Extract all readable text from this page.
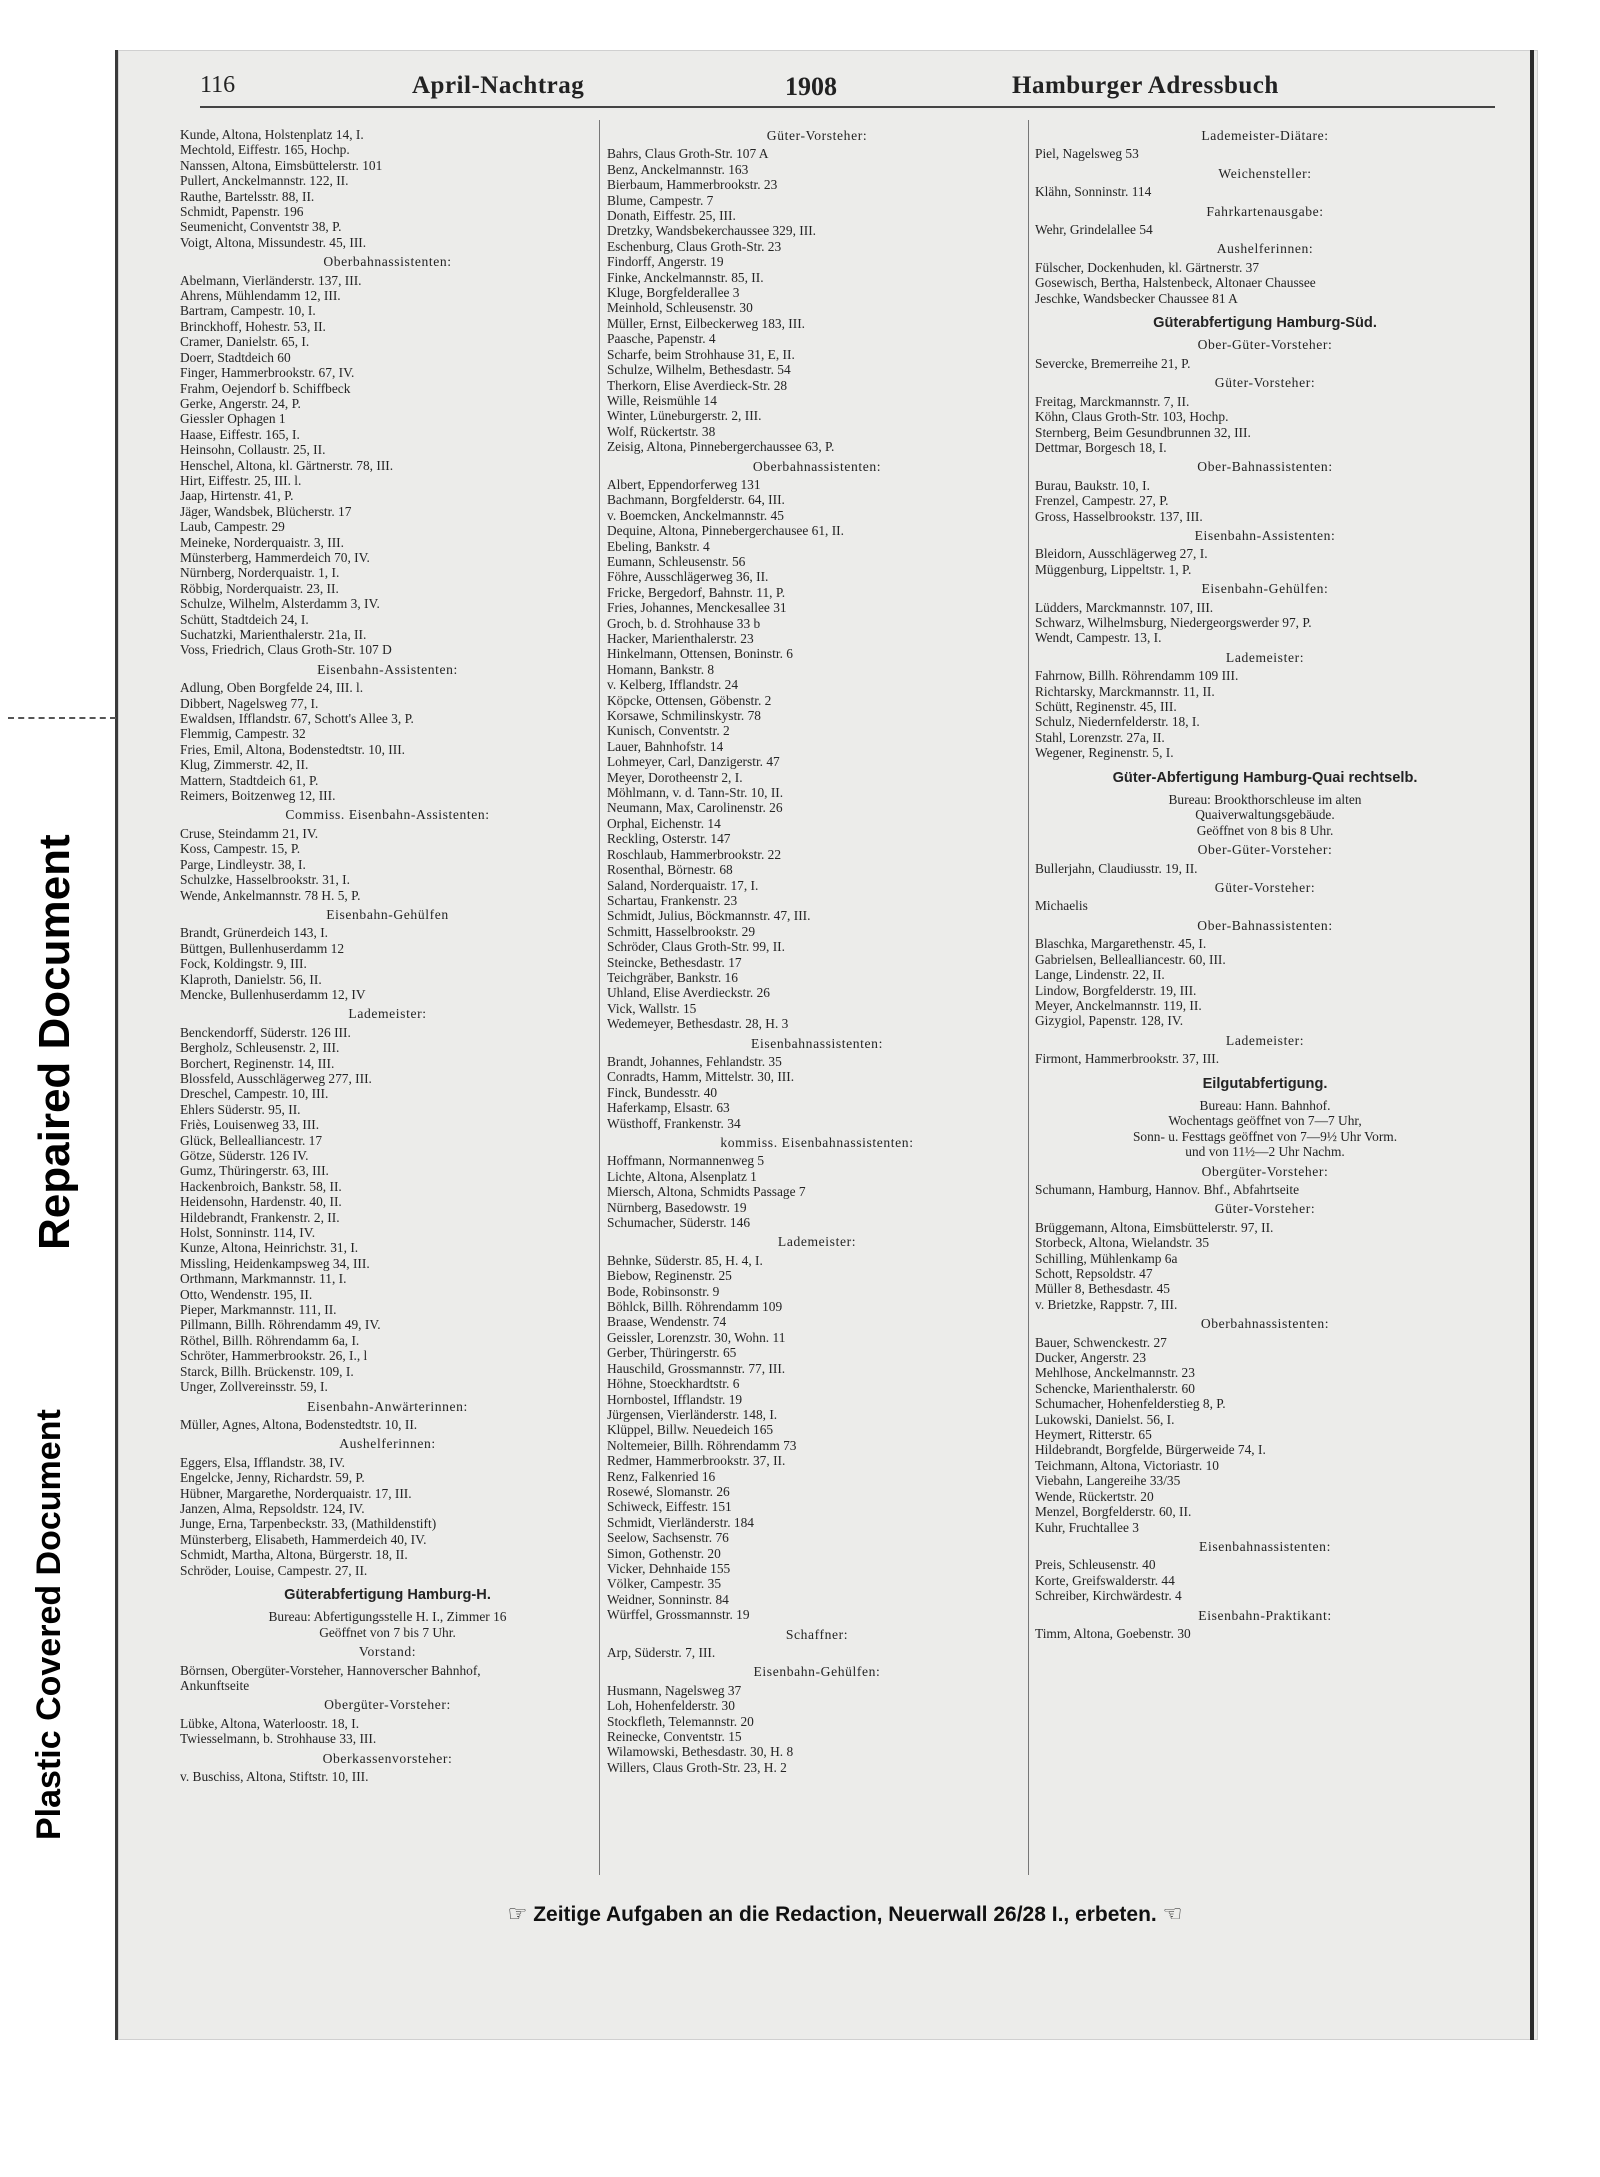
Repaired Document
Plastic Covered Document
116	April-Nachtrag	1908	Hamburger Adressbuch
Kunde, Altona, Holstenplatz 14, I.
Mechtold, Eiffestr. 165, Hochp.
Nanssen, Altona, Eimsbüttelerstr. 101
Pullert, Anckelmannstr. 122, II.
Rauthe, Bartelsstr. 88, II.
Schmidt, Papenstr. 196
Seumenicht, Conventstr 38, P.
Voigt, Altona, Missundestr. 45, III.
Oberbahnassistenten:
Abelmann, Vierländerstr. 137, III.
Ahrens, Mühlendamm 12, III.
Bartram, Campestr. 10, I.
Brinckhoff, Hohestr. 53, II.
Cramer, Danielstr. 65, I.
Doerr, Stadtdeich 60
Finger, Hammerbrookstr. 67, IV.
Frahm, Oejendorf b. Schiffbeck
Gerke, Angerstr. 24, P.
Giessler Ophagen 1
Haase, Eiffestr. 165, I.
Heinsohn, Collaustr. 25, II.
Henschel, Altona, kl. Gärtnerstr. 78, III.
Hirt, Eiffestr. 25, III. l.
Jaap, Hirtenstr. 41, P.
Jäger, Wandsbek, Blücherstr. 17
Laub, Campestr. 29
Meineke, Norderquaistr. 3, III.
Münsterberg, Hammerdeich 70, IV.
Nürnberg, Norderquaistr. 1, I.
Röbbig, Norderquaistr. 23, II.
Schulze, Wilhelm, Alsterdamm 3, IV.
Schütt, Stadtdeich 24, I.
Suchatzki, Marienthalerstr. 21a, II.
Voss, Friedrich, Claus Groth-Str. 107 D
Eisenbahn-Assistenten:
Adlung, Oben Borgfelde 24, III. l.
Dibbert, Nagelsweg 77, I.
Ewaldsen, Ifflandstr. 67, Schott's Allee 3, P.
Flemmig, Campestr. 32
Fries, Emil, Altona, Bodenstedtstr. 10, III.
Klug, Zimmerstr. 42, II.
Mattern, Stadtdeich 61, P.
Reimers, Boitzenweg 12, III.
Commiss. Eisenbahn-Assistenten:
Cruse, Steindamm 21, IV.
Koss, Campestr. 15, P.
Parge, Lindleystr. 38, I.
Schulzke, Hasselbrookstr. 31, I.
Wende, Ankelmannstr. 78 H. 5, P.
Eisenbahn-Gehülfen
Brandt, Grünerdeich 143, I.
Büttgen, Bullenhuserdamm 12
Fock, Koldingstr. 9, III.
Klaproth, Danielstr. 56, II.
Mencke, Bullenhuserdamm 12, IV
Lademeister:
Benckendorff, Süderstr. 126 III.
Bergholz, Schleusenstr. 2, III.
Borchert, Reginenstr. 14, III.
Blossfeld, Ausschlägerweg 277, III.
Dreschel, Campestr. 10, III.
Ehlers Süderstr. 95, II.
Friès, Louisenweg 33, III.
Glück, Bellealliancestr. 17
Götze, Süderstr. 126 IV.
Gumz, Thüringerstr. 63, III.
Hackenbroich, Bankstr. 58, II.
Heidensohn, Hardenstr. 40, II.
Hildebrandt, Frankenstr. 2, II.
Holst, Sonninstr. 114, IV.
Kunze, Altona, Heinrichstr. 31, I.
Missling, Heidenkampsweg 34, III.
Orthmann, Markmannstr. 11, I.
Otto, Wendenstr. 195, II.
Pieper, Markmannstr. 111, II.
Pillmann, Billh. Röhrendamm 49, IV.
Röthel, Billh. Röhrendamm 6a, I.
Schröter, Hammerbrookstr. 26, I., l
Starck, Billh. Brückenstr. 109, I.
Unger, Zollvereinsstr. 59, I.
Eisenbahn-Anwärterinnen:
Müller, Agnes, Altona, Bodenstedtstr. 10, II.
Aushelferinnen:
Eggers, Elsa, Ifflandstr. 38, IV.
Engelcke, Jenny, Richardstr. 59, P.
Hübner, Margarethe, Norderquaistr. 17, III.
Janzen, Alma, Repsoldstr. 124, IV.
Junge, Erna, Tarpenbeckstr. 33, (Mathildenstift)
Münsterberg, Elisabeth, Hammerdeich 40, IV.
Schmidt, Martha, Altona, Bürgerstr. 18, II.
Schröder, Louise, Campestr. 27, II.
Güterabfertigung Hamburg-H.
Bureau: Abfertigungsstelle H. I., Zimmer 16
Geöffnet von 7 bis 7 Uhr.
Vorstand:
Börnsen, Obergüter-Vorsteher, Hannoverscher Bahnhof,
Ankunftseite
Obergüter-Vorsteher:
Lübke, Altona, Waterloostr. 18, I.
Twiesselmann, b. Strohhause 33, III.
Oberkassenvorsteher:
v. Buschiss, Altona, Stiftstr. 10, III.
Güter-Vorsteher:
Bahrs, Claus Groth-Str. 107 A
Benz, Anckelmannstr. 163
Bierbaum, Hammerbrookstr. 23
Blume, Campestr. 7
Donath, Eiffestr. 25, III.
Dretzky, Wandsbekerchaussee 329, III.
Eschenburg, Claus Groth-Str. 23
Findorff, Angerstr. 19
Finke, Anckelmannstr. 85, II.
Kluge, Borgfelderallee 3
Meinhold, Schleusenstr. 30
Müller, Ernst, Eilbeckerweg 183, III.
Paasche, Papenstr. 4
Scharfe, beim Strohhause 31, E, II.
Schulze, Wilhelm, Bethesdastr. 54
Therkorn, Elise Averdieck-Str. 28
Wille, Reismühle 14
Winter, Lüneburgerstr. 2, III.
Wolf, Rückertstr. 38
Zeisig, Altona, Pinnebergerchaussee 63, P.
Oberbahnassistenten:
Albert, Eppendorferweg 131
Bachmann, Borgfelderstr. 64, III.
v. Boemcken, Anckelmannstr. 45
Dequine, Altona, Pinnebergerchausee 61, II.
Ebeling, Bankstr. 4
Eumann, Schleusenstr. 56
Föhre, Ausschlägerweg 36, II.
Fricke, Bergedorf, Bahnstr. 11, P.
Fries, Johannes, Menckesallee 31
Groch, b. d. Strohhause 33 b
Hacker, Marienthalerstr. 23
Hinkelmann, Ottensen, Boninstr. 6
Homann, Bankstr. 8
v. Kelberg, Ifflandstr. 24
Köpcke, Ottensen, Göbenstr. 2
Korsawe, Schmilinskystr. 78
Kunisch, Conventstr. 2
Lauer, Bahnhofstr. 14
Lohmeyer, Carl, Danzigerstr. 47
Meyer, Dorotheenstr 2, I.
Möhlmann, v. d. Tann-Str. 10, II.
Neumann, Max, Carolinenstr. 26
Orphal, Eichenstr. 14
Reckling, Osterstr. 147
Roschlaub, Hammerbrookstr. 22
Rosenthal, Börnestr. 68
Saland, Norderquaistr. 17, I.
Schartau, Frankenstr. 23
Schmidt, Julius, Böckmannstr. 47, III.
Schmitt, Hasselbrookstr. 29
Schröder, Claus Groth-Str. 99, II.
Steincke, Bethesdastr. 17
Teichgräber, Bankstr. 16
Uhland, Elise Averdieckstr. 26
Vick, Wallstr. 15
Wedemeyer, Bethesdastr. 28, H. 3
Eisenbahnassistenten:
Brandt, Johannes, Fehlandstr. 35
Conradts, Hamm, Mittelstr. 30, III.
Finck, Bundesstr. 40
Haferkamp, Elsastr. 63
Wüsthoff, Frankenstr. 34
kommiss. Eisenbahnassistenten:
Hoffmann, Normannenweg 5
Lichte, Altona, Alsenplatz 1
Miersch, Altona, Schmidts Passage 7
Nürnberg, Basedowstr. 19
Schumacher, Süderstr. 146
Lademeister:
Behnke, Süderstr. 85, H. 4, I.
Biebow, Reginenstr. 25
Bode, Robinsonstr. 9
Böhlck, Billh. Röhrendamm 109
Braase, Wendenstr. 74
Geissler, Lorenzstr. 30, Wohn. 11
Gerber, Thüringerstr. 65
Hauschild, Grossmannstr. 77, III.
Höhne, Stoeckhardtstr. 6
Hornbostel, Ifflandstr. 19
Jürgensen, Vierländerstr. 148, I.
Klüppel, Billw. Neuedeich 165
Noltemeier, Billh. Röhrendamm 73
Redmer, Hammerbrookstr. 37, II.
Renz, Falkenried 16
Rosewé, Slomanstr. 26
Schiweck, Eiffestr. 151
Schmidt, Vierländerstr. 184
Seelow, Sachsenstr. 76
Simon, Gothenstr. 20
Vicker, Dehnhaide 155
Völker, Campestr. 35
Weidner, Sonninstr. 84
Würffel, Grossmannstr. 19
Schaffner:
Arp, Süderstr. 7, III.
Eisenbahn-Gehülfen:
Husmann, Nagelsweg 37
Loh, Hohenfelderstr. 30
Stockfleth, Telemannstr. 20
Reinecke, Conventstr. 15
Wilamowski, Bethesdastr. 30, H. 8
Willers, Claus Groth-Str. 23, H. 2
Lademeister-Diätare:
Piel, Nagelsweg 53
Weichensteller:
Klähn, Sonninstr. 114
Fahrkartenausgabe:
Wehr, Grindelallee 54
Aushelferinnen:
Fülscher, Dockenhuden, kl. Gärtnerstr. 37
Gosewisch, Bertha, Halstenbeck, Altonaer Chaussee
Jeschke, Wandsbecker Chaussee 81 A
Güterabfertigung Hamburg-Süd.
Ober-Güter-Vorsteher:
Severcke, Bremerreihe 21, P.
Güter-Vorsteher:
Freitag, Marckmannstr. 7, II.
Köhn, Claus Groth-Str. 103, Hochp.
Sternberg, Beim Gesundbrunnen 32, III.
Dettmar, Borgesch 18, I.
Ober-Bahnassistenten:
Burau, Baukstr. 10, I.
Frenzel, Campestr. 27, P.
Gross, Hasselbrookstr. 137, III.
Eisenbahn-Assistenten:
Bleidorn, Ausschlägerweg 27, I.
Müggenburg, Lippeltstr. 1, P.
Eisenbahn-Gehülfen:
Lüdders, Marckmannstr. 107, III.
Schwarz, Wilhelmsburg, Niedergeorgswerder 97, P.
Wendt, Campestr. 13, I.
Lademeister:
Fahrnow, Billh. Röhrendamm 109 III.
Richtarsky, Marckmannstr. 11, II.
Schütt, Reginenstr. 45, III.
Schulz, Niedernfelderstr. 18, I.
Stahl, Lorenzstr. 27a, II.
Wegener, Reginenstr. 5, I.
Güter-Abfertigung Hamburg-Quai rechtselb.
Bureau: Brookthorschleuse im alten
Quaiverwaltungsgebäude.
Geöffnet von 8 bis 8 Uhr.
Ober-Güter-Vorsteher:
Bullerjahn, Claudiusstr. 19, II.
Güter-Vorsteher:
Michaelis
Ober-Bahnassistenten:
Blaschka, Margarethenstr. 45, I.
Gabrielsen, Bellealliancestr. 60, III.
Lange, Lindenstr. 22, II.
Lindow, Borgfelderstr. 19, III.
Meyer, Anckelmannstr. 119, II.
Gizygiol, Papenstr. 128, IV.
Lademeister:
Firmont, Hammerbrookstr. 37, III.
Eilgutabfertigung.
Bureau: Hann. Bahnhof.
Wochentags geöffnet von 7—7 Uhr,
Sonn- u. Festtags geöffnet von 7—9½ Uhr Vorm.
und von 11½—2 Uhr Nachm.
Obergüter-Vorsteher:
Schumann, Hamburg, Hannov. Bhf., Abfahrtseite
Güter-Vorsteher:
Brüggemann, Altona, Eimsbüttelerstr. 97, II.
Storbeck, Altona, Wielandstr. 35
Schilling, Mühlenkamp 6a
Schott, Repsoldstr. 47
Müller 8, Bethesdastr. 45
v. Brietzke, Rappstr. 7, III.
Oberbahnassistenten:
Bauer, Schwenckestr. 27
Ducker, Angerstr. 23
Mehlhose, Anckelmannstr. 23
Schencke, Marienthalerstr. 60
Schumacher, Hohenfelderstieg 8, P.
Lukowski, Danielst. 56, I.
Heymert, Ritterstr. 65
Hildebrandt, Borgfelde, Bürgerweide 74, I.
Teichmann, Altona, Victoriastr. 10
Viebahn, Langereihe 33/35
Wende, Rückertstr. 20
Menzel, Borgfelderstr. 60, II.
Kuhr, Fruchtallee 3
Eisenbahnassistenten:
Preis, Schleusenstr. 40
Korte, Greifswalderstr. 44
Schreiber, Kirchwärdestr. 4
Eisenbahn-Praktikant:
Timm, Altona, Goebenstr. 30
☞ Zeitige Aufgaben an die Redaction, Neuerwall 26/28 I., erbeten. ☜
